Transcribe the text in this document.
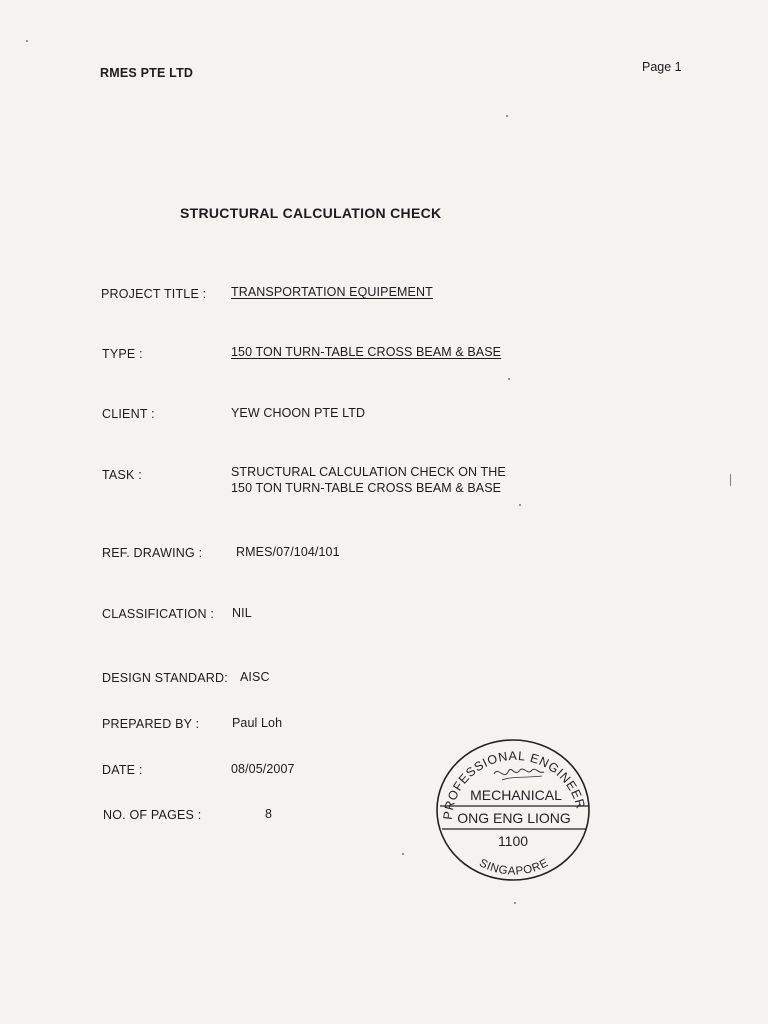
RMES PTE LTD	Page 1
STRUCTURAL CALCULATION CHECK
PROJECT TITLE : TRANSPORTATION EQUIPEMENT
TYPE :	150 TON TURN-TABLE CROSS BEAM & BASE
CLIENT :	YEW CHOON PTE LTD
TASK :	STRUCTURAL CALCULATION CHECK ON THE
150 TON TURN-TABLE CROSS BEAM & BASE
REF. DRAWING :	RMES/07/104/101
CLASSIFICATION : NIL
DESIGN STANDARD: AISC
PREPARED BY :	Paul Loh
DATE :	08/05/2007
NO. OF PAGES :	8	PROFESSIONAL ENGINEER
MECHANICAL
ONG ENG LIONG
1100
SINGAPORE
